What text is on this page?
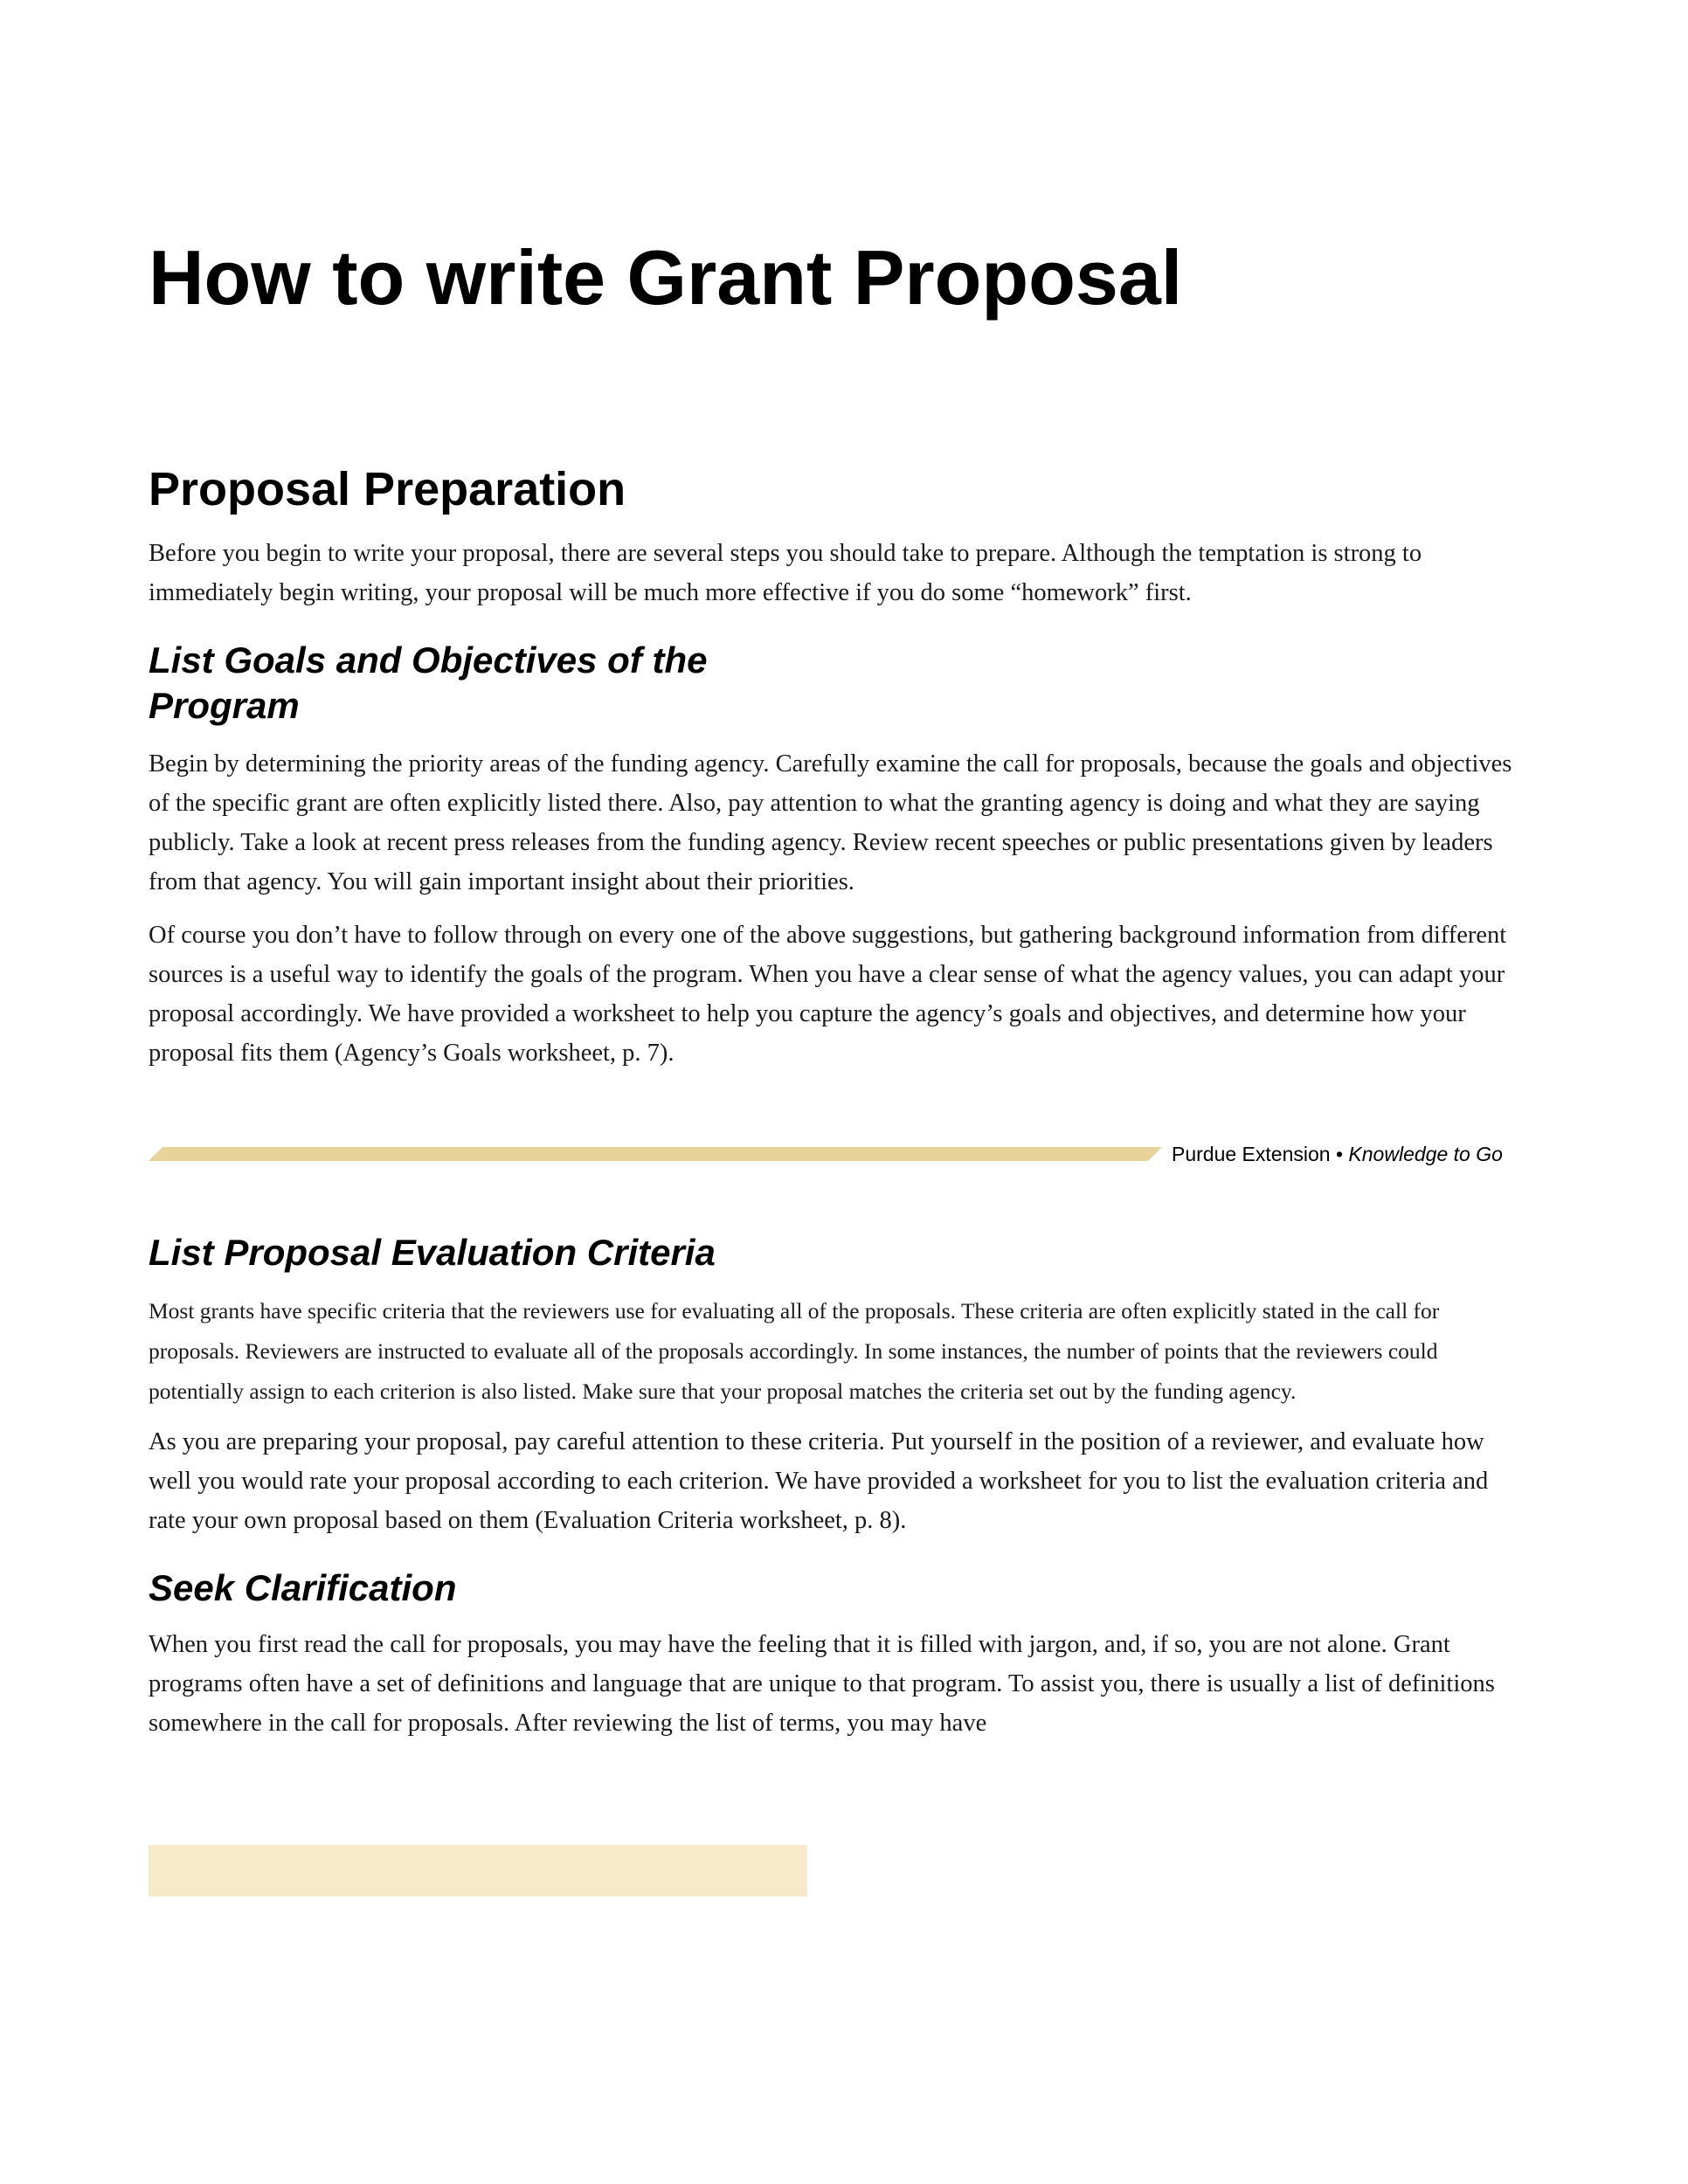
How to write Grant Proposal
Proposal Preparation

Before you begin to write your proposal, there are several steps you should take to prepare. Although the temptation is strong to immediately begin writing, your proposal will be much more effective if you do some “homework” first.

List Goals and Objectives of the
Program

Begin by determining the priority areas of the funding agency. Carefully examine the call for proposals, because the goals and objectives of the specific grant are often explicitly listed there. Also, pay attention to what the granting agency is doing and what they are saying publicly. Take a look at recent press releases from the funding agency. Review recent speeches or public presentations given by leaders from that agency. You will gain important insight about their priorities.

Of course you don’t have to follow through on every one of the above suggestions, but gathering background information from different sources is a useful way to identify the goals of the program. When you have a clear sense of what the agency values, you can adapt your proposal accordingly. We have provided a worksheet to help you capture the agency’s goals and objectives, and determine how your proposal fits them (Agency’s Goals worksheet, p. 7).

Purdue Extension • Knowledge to Go
List Proposal Evaluation Criteria

Most grants have specific criteria that the reviewers use for evaluating all of the proposals. These criteria are often explicitly stated in the call for proposals. Reviewers are instructed to evaluate all of the proposals accordingly. In some instances, the number of points that the reviewers could potentially assign to each criterion is also listed. Make sure that your proposal matches the criteria set out by the funding agency.

As you are preparing your proposal, pay careful attention to these criteria. Put yourself in the position of a reviewer, and evaluate how well you would rate your proposal according to each criterion. We have provided a worksheet for you to list the evaluation criteria and rate your own proposal based on them (Evaluation Criteria worksheet, p. 8).

Seek Clarification

When you first read the call for proposals, you may have the feeling that it is filled with jargon, and, if so, you are not alone. Grant programs often have a set of definitions and language that are unique to that program. To assist you, there is usually a list of definitions somewhere in the call for proposals. After reviewing the list of terms, you may have
